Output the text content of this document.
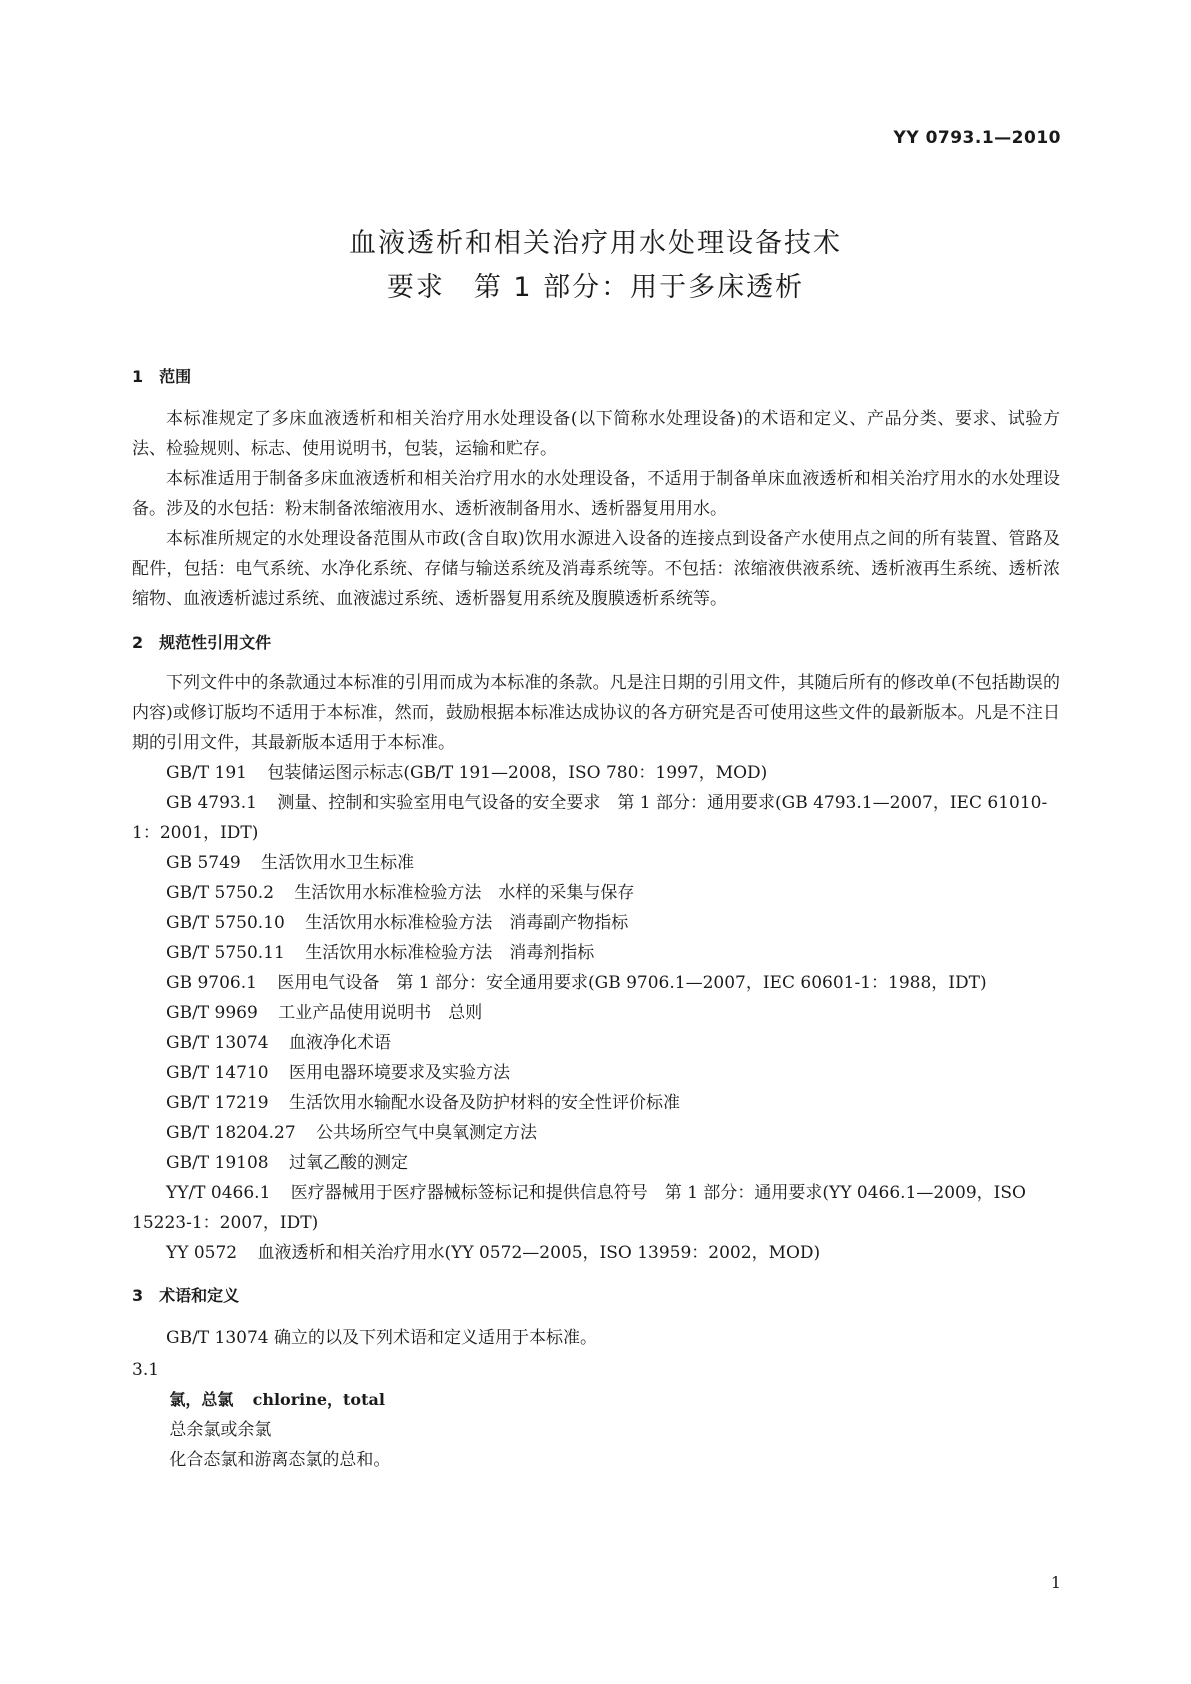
YY 0793.1—2010
血液透析和相关治疗用水处理设备技术
要求　第 1 部分：用于多床透析
1　范围

本标准规定了多床血液透析和相关治疗用水处理设备(以下简称水处理设备)的术语和定义、产品分类、要求、试验方法、检验规则、标志、使用说明书，包装，运输和贮存。

本标准适用于制备多床血液透析和相关治疗用水的水处理设备，不适用于制备单床血液透析和相关治疗用水的水处理设备。涉及的水包括：粉末制备浓缩液用水、透析液制备用水、透析器复用用水。

本标准所规定的水处理设备范围从市政(含自取)饮用水源进入设备的连接点到设备产水使用点之间的所有装置、管路及配件，包括：电气系统、水净化系统、存储与输送系统及消毒系统等。不包括：浓缩液供液系统、透析液再生系统、透析浓缩物、血液透析滤过系统、血液滤过系统、透析器复用系统及腹膜透析系统等。

2　规范性引用文件

下列文件中的条款通过本标准的引用而成为本标准的条款。凡是注日期的引用文件，其随后所有的修改单(不包括勘误的内容)或修订版均不适用于本标准，然而，鼓励根据本标准达成协议的各方研究是否可使用这些文件的最新版本。凡是不注日期的引用文件，其最新版本适用于本标准。

GB/T 191 包装储运图示标志(GB/T 191—2008，ISO 780：1997，MOD)

GB 4793.1 测量、控制和实验室用电气设备的安全要求　第 1 部分：通用要求(GB 4793.1—2007，IEC 61010-1：2001，IDT)

GB 5749 生活饮用水卫生标准

GB/T 5750.2 生活饮用水标准检验方法　水样的采集与保存

GB/T 5750.10 生活饮用水标准检验方法　消毒副产物指标

GB/T 5750.11 生活饮用水标准检验方法　消毒剂指标

GB 9706.1 医用电气设备　第 1 部分：安全通用要求(GB 9706.1—2007，IEC 60601-1：1988，IDT)

GB/T 9969 工业产品使用说明书　总则

GB/T 13074 血液净化术语

GB/T 14710 医用电器环境要求及实验方法

GB/T 17219 生活饮用水输配水设备及防护材料的安全性评价标准

GB/T 18204.27 公共场所空气中臭氧测定方法

GB/T 19108 过氧乙酸的测定

YY/T 0466.1 医疗器械用于医疗器械标签标记和提供信息符号　第 1 部分：通用要求(YY 0466.1—2009，ISO 15223-1：2007，IDT)

YY 0572 血液透析和相关治疗用水(YY 0572—2005，ISO 13959：2002，MOD)

3　术语和定义

GB/T 13074 确立的以及下列术语和定义适用于本标准。

3.1

氯，总氯 chlorine，total

总余氯或余氯

化合态氯和游离态氯的总和。

1
